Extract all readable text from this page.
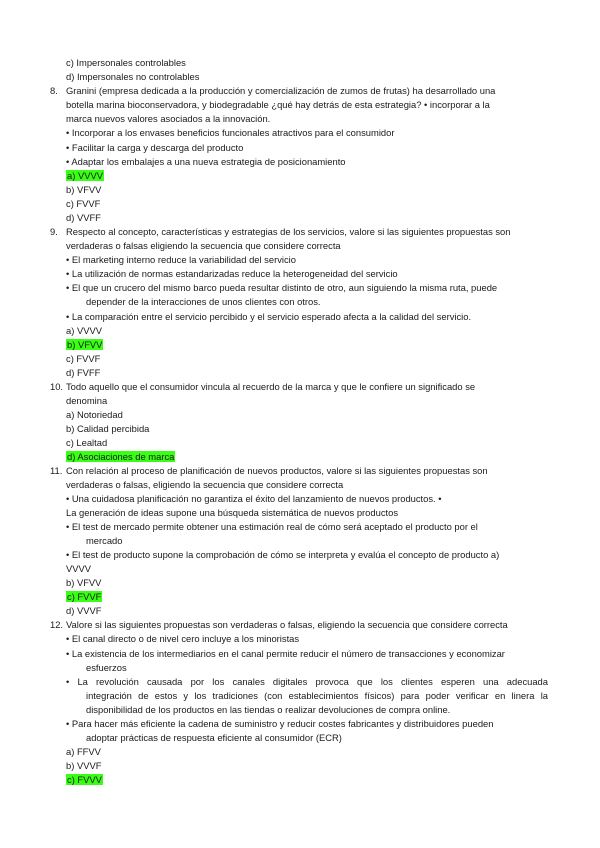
c) Impersonales controlables
d) Impersonales no controlables
8. Granini (empresa dedicada a la producción y comercialización de zumos de frutas) ha desarrollado una
botella marina bioconservadora, y biodegradable ¿qué hay detrás de esta estrategia? • incorporar a la
marca nuevos valores asociados a la innovación.
• Incorporar a los envases beneficios funcionales atractivos para el consumidor
• Facilitar la carga y descarga del producto
• Adaptar los embalajes a una nueva estrategia de posicionamiento
a) VVVV
b) VFVV
c) FVVF
d) VVFF
9. Respecto al concepto, características y estrategias de los servicios, valore si las siguientes propuestas son
verdaderas o falsas eligiendo la secuencia que considere correcta
• El marketing interno reduce la variabilidad del servicio
• La utilización de normas estandarizadas reduce la heterogeneidad del servicio
• El que un crucero del mismo barco pueda resultar distinto de otro, aun siguiendo la misma ruta, puede
depender de la interacciones de unos clientes con otros.
• La comparación entre el servicio percibido y el servicio esperado afecta a la calidad del servicio.
a) VVVV
b) VFVV
c) FVVF
d) FVFF
10. Todo aquello que el consumidor vincula al recuerdo de la marca y que le confiere un significado se
denomina
a) Notoriedad
b) Calidad percibida
c) Lealtad
d) Asociaciones de marca
11. Con relación al proceso de planificación de nuevos productos, valore si las siguientes propuestas son
verdaderas o falsas, eligiendo la secuencia que considere correcta
• Una cuidadosa planificación no garantiza el éxito del lanzamiento de nuevos productos. •
La generación de ideas supone una búsqueda sistemática de nuevos productos
• El test de mercado permite obtener una estimación real de cómo será aceptado el producto por el
mercado
• El test de producto supone la comprobación de cómo se interpreta y evalúa el concepto de producto a)
VVVV
b) VFVV
c) FVVF
d) VVVF
12. Valore si las siguientes propuestas son verdaderas o falsas, eligiendo la secuencia que considere correcta
• El canal directo o de nivel cero incluye a los minoristas
• La existencia de los intermediarios en el canal permite reducir el número de transacciones y economizar
esfuerzos
• La revolución causada por los canales digitales provoca que los clientes esperen una adecuada
integración de estos y los tradiciones (con establecimientos físicos) para poder verificar en linera la
disponibilidad de los productos en las tiendas o realizar devoluciones de compra online.
• Para hacer más eficiente la cadena de suministro y reducir costes fabricantes y distribuidores pueden
adoptar prácticas de respuesta eficiente al consumidor (ECR)
a) FFVV
b) VVVF
c) FVVV
